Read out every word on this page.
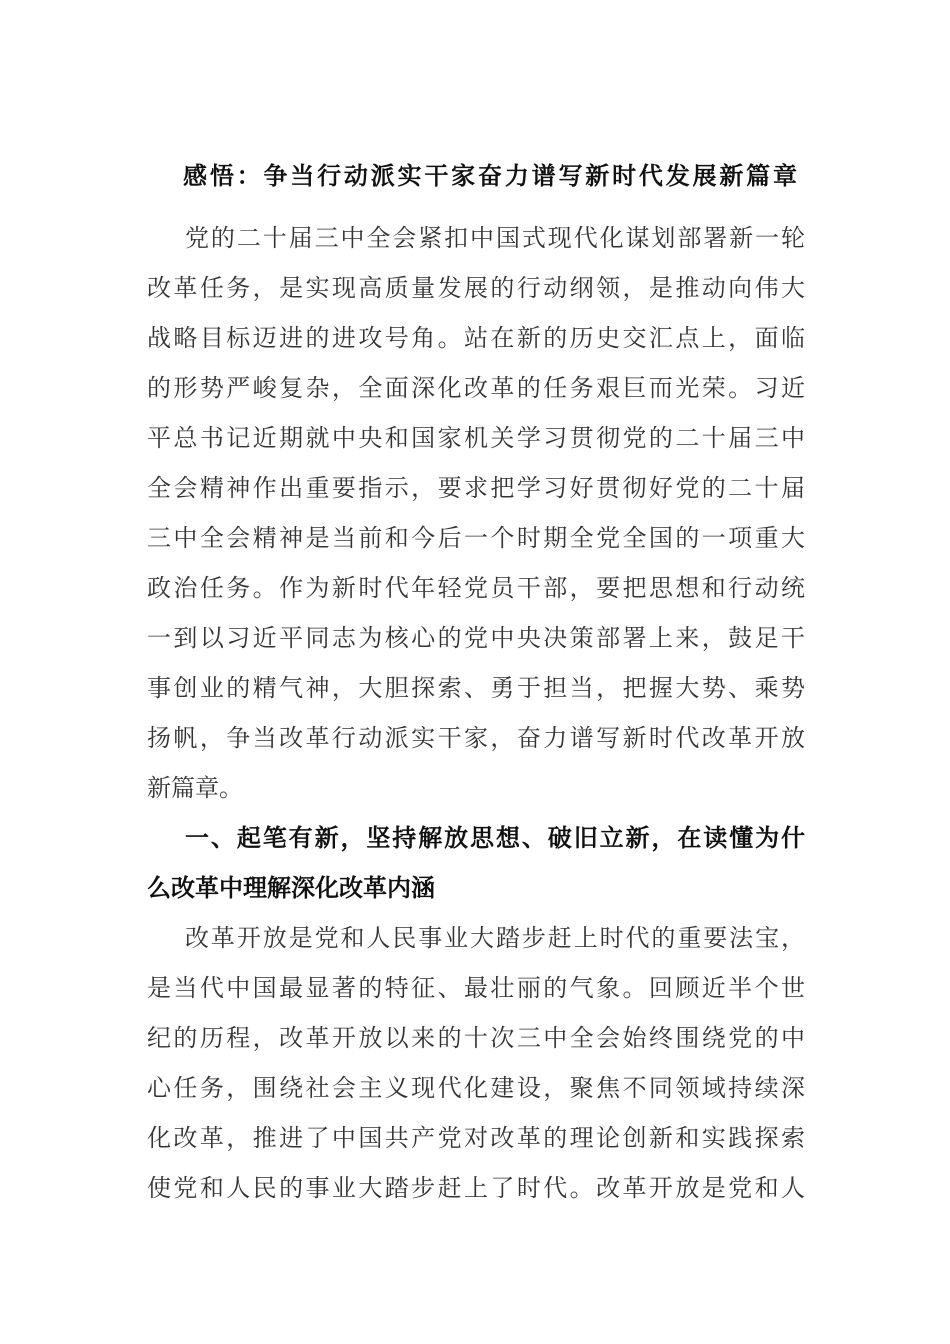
感悟：争当行动派实干家奋力谱写新时代发展新篇章
党的二十届三中全会紧扣中国式现代化谋划部署新一轮
改革任务，是实现高质量发展的行动纲领，是推动向伟大
战略目标迈进的进攻号角。站在新的历史交汇点上，面临
的形势严峻复杂，全面深化改革的任务艰巨而光荣。习近
平总书记近期就中央和国家机关学习贯彻党的二十届三中
全会精神作出重要指示，要求把学习好贯彻好党的二十届
三中全会精神是当前和今后一个时期全党全国的一项重大
政治任务。作为新时代年轻党员干部，要把思想和行动统
一到以习近平同志为核心的党中央决策部署上来，鼓足干
事创业的精气神，大胆探索、勇于担当，把握大势、乘势
扬帆，争当改革行动派实干家，奋力谱写新时代改革开放
新篇章。
一、起笔有新，坚持解放思想、破旧立新，在读懂为什
么改革中理解深化改革内涵
改革开放是党和人民事业大踏步赶上时代的重要法宝，
是当代中国最显著的特征、最壮丽的气象。回顾近半个世
纪的历程，改革开放以来的十次三中全会始终围绕党的中
心任务，围绕社会主义现代化建设，聚焦不同领域持续深
化改革，推进了中国共产党对改革的理论创新和实践探索
使党和人民的事业大踏步赶上了时代。改革开放是党和人
